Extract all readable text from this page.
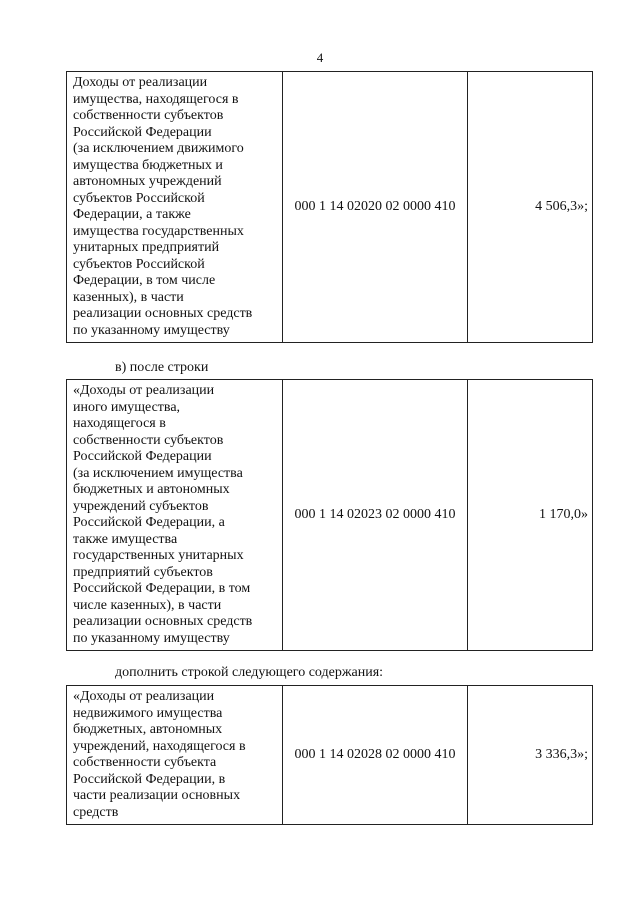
4
Доходы от реализации
имущества, находящегося в
собственности субъектов
Российской Федерации
(за исключением движимого
имущества бюджетных и
автономных учреждений
субъектов Российской
Федерации, а также
имущества государственных
унитарных предприятий
субъектов Российской
Федерации, в том числе
казенных), в части
реализации основных средств
по указанному имуществу	000 1 14 02020 02 0000 410	4 506,3»;
в) после строки
«Доходы от реализации
иного имущества,
находящегося в
собственности субъектов
Российской Федерации
(за исключением имущества
бюджетных и автономных
учреждений субъектов
Российской Федерации, а
также имущества
государственных унитарных
предприятий субъектов
Российской Федерации, в том
числе казенных), в части
реализации основных средств
по указанному имуществу	000 1 14 02023 02 0000 410	1 170,0»
дополнить строкой следующего содержания:
«Доходы от реализации
недвижимого имущества
бюджетных, автономных
учреждений, находящегося в
собственности субъекта
Российской Федерации, в
части реализации основных
средств	000 1 14 02028 02 0000 410	3 336,3»;
